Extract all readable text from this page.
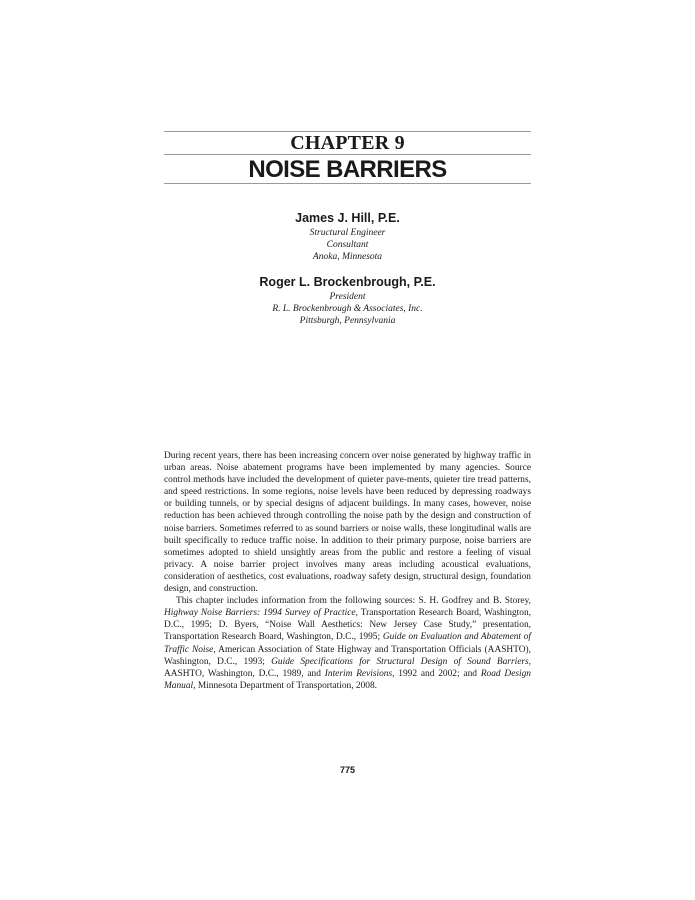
CHAPTER 9
NOISE BARRIERS
James J. Hill, P.E.
Structural Engineer
Consultant
Anoka, Minnesota
Roger L. Brockenbrough, P.E.
President
R. L. Brockenbrough & Associates, Inc.
Pittsburgh, Pennsylvania

During recent years, there has been increasing concern over noise generated by highway traffic in urban areas. Noise abatement programs have been implemented by many agencies. Source control methods have included the development of quieter pave-ments, quieter tire tread patterns, and speed restrictions. In some regions, noise levels have been reduced by depressing roadways or building tunnels, or by special designs of adjacent buildings. In many cases, however, noise reduction has been achieved through controlling the noise path by the design and construction of noise barriers. Sometimes referred to as sound barriers or noise walls, these longitudinal walls are built specifically to reduce traffic noise. In addition to their primary purpose, noise barriers are sometimes adopted to shield unsightly areas from the public and restore a feeling of visual privacy. A noise barrier project involves many areas including acoustical evaluations, consideration of aesthetics, cost evaluations, roadway safety design, structural design, foundation design, and construction.

This chapter includes information from the following sources: S. H. Godfrey and B. Storey, Highway Noise Barriers: 1994 Survey of Practice, Transportation Research Board, Washington, D.C., 1995; D. Byers, “Noise Wall Aesthetics: New Jersey Case Study,” presentation, Transportation Research Board, Washington, D.C., 1995; Guide on Evaluation and Abatement of Traffic Noise, American Association of State Highway and Transportation Officials (AASHTO), Washington, D.C., 1993; Guide Specifications for Structural Design of Sound Barriers, AASHTO, Washington, D.C., 1989, and Interim Revisions, 1992 and 2002; and Road Design Manual, Minnesota Department of Transportation, 2008.

775
